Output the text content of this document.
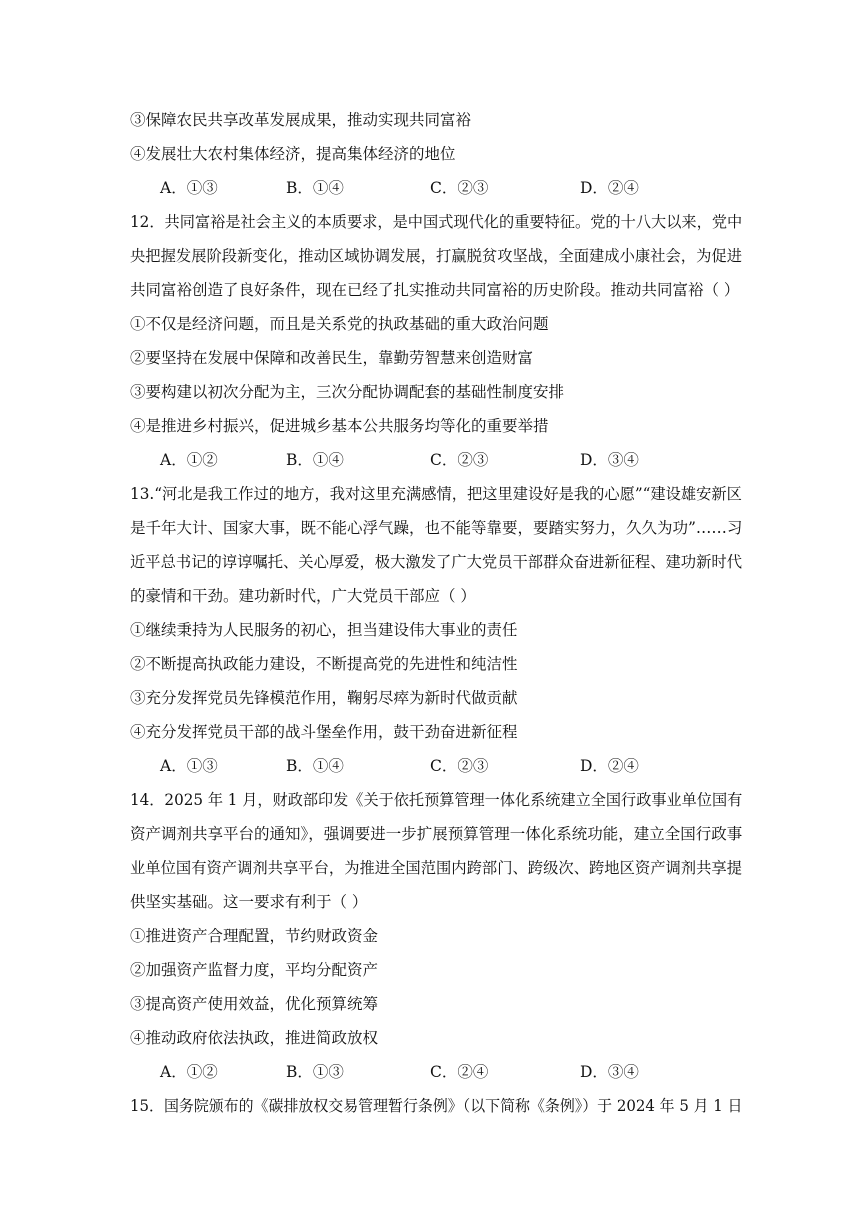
③保障农民共享改革发展成果，推动实现共同富裕
④发展壮大农村集体经济，提高集体经济的地位
A．①③	B．①④	C．②③	D．②④
12．共同富裕是社会主义的本质要求，是中国式现代化的重要特征。党的十八大以来，党中
央把握发展阶段新变化，推动区域协调发展，打赢脱贫攻坚战，全面建成小康社会，为促进
共同富裕创造了良好条件，现在已经了扎实推动共同富裕的历史阶段。推动共同富裕（ ）
①不仅是经济问题，而且是关系党的执政基础的重大政治问题
②要坚持在发展中保障和改善民生，靠勤劳智慧来创造财富
③要构建以初次分配为主，三次分配协调配套的基础性制度安排
④是推进乡村振兴，促进城乡基本公共服务均等化的重要举措
A．①②	B．①④	C．②③	D．③④
13.“河北是我工作过的地方，我对这里充满感情，把这里建设好是我的心愿”“建设雄安新区
是千年大计、国家大事，既不能心浮气躁，也不能等靠要，要踏实努力，久久为功”……习
近平总书记的谆谆嘱托、关心厚爱，极大激发了广大党员干部群众奋进新征程、建功新时代
的豪情和干劲。建功新时代，广大党员干部应（ ）
①继续秉持为人民服务的初心，担当建设伟大事业的责任
②不断提高执政能力建设，不断提高党的先进性和纯洁性
③充分发挥党员先锋模范作用，鞠躬尽瘁为新时代做贡献
④充分发挥党员干部的战斗堡垒作用，鼓干劲奋进新征程
A．①③	B．①④	C．②③	D．②④
14．2025 年 1 月，财政部印发《关于依托预算管理一体化系统建立全国行政事业单位国有
资产调剂共享平台的通知》，强调要进一步扩展预算管理一体化系统功能，建立全国行政事
业单位国有资产调剂共享平台，为推进全国范围内跨部门、跨级次、跨地区资产调剂共享提
供坚实基础。这一要求有利于（ ）
①推进资产合理配置，节约财政资金
②加强资产监督力度，平均分配资产
③提高资产使用效益，优化预算统筹
④推动政府依法执政，推进简政放权
A．①②	B．①③	C．②④	D．③④
15．国务院颁布的《碳排放权交易管理暂行条例》（以下简称《条例》）于 2024 年 5 月 1 日
